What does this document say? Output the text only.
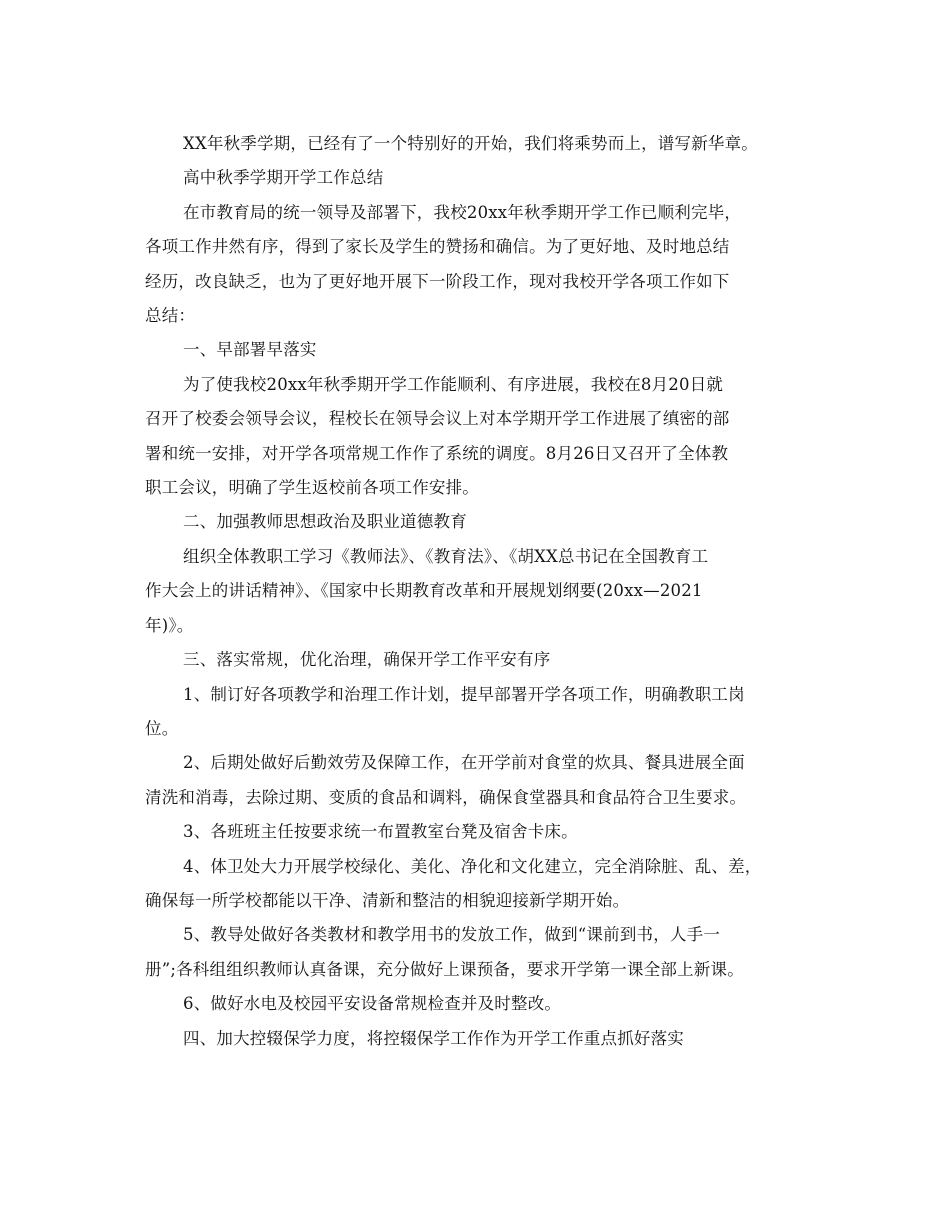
XX年秋季学期，已经有了一个特别好的开始，我们将乘势而上，谱写新华章。
高中秋季学期开学工作总结
在市教育局的统一领导及部署下，我校20xx年秋季期开学工作已顺利完毕，
各项工作井然有序，得到了家长及学生的赞扬和确信。为了更好地、及时地总结
经历，改良缺乏，也为了更好地开展下一阶段工作，现对我校开学各项工作如下
总结：
一、早部署早落实
为了使我校20xx年秋季期开学工作能顺利、有序进展，我校在8月20日就
召开了校委会领导会议，程校长在领导会议上对本学期开学工作进展了缜密的部
署和统一安排，对开学各项常规工作作了系统的调度。8月26日又召开了全体教
职工会议，明确了学生返校前各项工作安排。
二、加强教师思想政治及职业道德教育
组织全体教职工学习《教师法》、《教育法》、《胡XX总书记在全国教育工
作大会上的讲话精神》、《国家中长期教育改革和开展规划纲要(20xx—2021
年)》。
三、落实常规，优化治理，确保开学工作平安有序
1、制订好各项教学和治理工作计划，提早部署开学各项工作，明确教职工岗
位。
2、后期处做好后勤效劳及保障工作，在开学前对食堂的炊具、餐具进展全面
清洗和消毒，去除过期、变质的食品和调料，确保食堂器具和食品符合卫生要求。
3、各班班主任按要求统一布置教室台凳及宿舍卡床。
4、体卫处大力开展学校绿化、美化、净化和文化建立，完全消除脏、乱、差，
确保每一所学校都能以干净、清新和整洁的相貌迎接新学期开始。
5、教导处做好各类教材和教学用书的发放工作，做到“课前到书，人手一
册”;各科组组织教师认真备课，充分做好上课预备，要求开学第一课全部上新课。
6、做好水电及校园平安设备常规检查并及时整改。
四、加大控辍保学力度，将控辍保学工作作为开学工作重点抓好落实
